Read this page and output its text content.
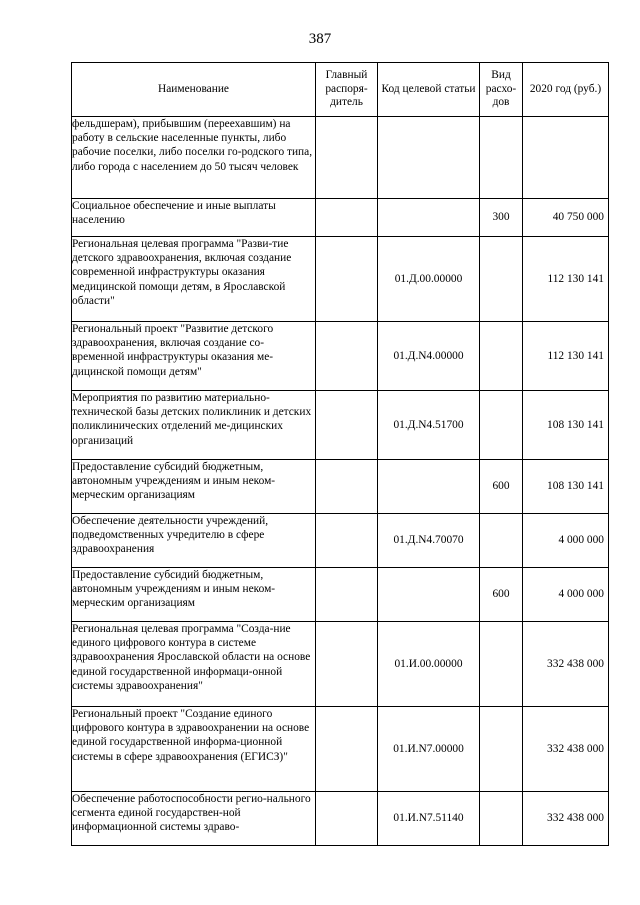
387
Наименование	Главный распоря-дитель	Код целевой статьи	Вид расхо-дов	2020 год (руб.)
фельдшерам), прибывшим (переехавшим) на работу в сельские населенные пункты, либо рабочие поселки, либо поселки го-родского типа, либо города с населением до 50 тысяч человек				
Социальное обеспечение и иные выплаты населению			300	40 750 000
Региональная целевая программа "Разви-тие детского здравоохранения, включая создание современной инфраструктуры оказания медицинской помощи детям, в Ярославской области"		01.Д.00.00000		112 130 141
Региональный проект "Развитие детского здравоохранения, включая создание со-временной инфраструктуры оказания ме-дицинской помощи детям"		01.Д.N4.00000		112 130 141
Мероприятия по развитию материально-технической базы детских поликлиник и детских поликлинических отделений ме-дицинских организаций		01.Д.N4.51700		108 130 141
Предоставление субсидий бюджетным, автономным учреждениям и иным неком-мерческим организациям			600	108 130 141
Обеспечение деятельности учреждений, подведомственных учредителю в сфере здравоохранения		01.Д.N4.70070		4 000 000
Предоставление субсидий бюджетным, автономным учреждениям и иным неком-мерческим организациям			600	4 000 000
Региональная целевая программа "Созда-ние единого цифрового контура в системе здравоохранения Ярославской области на основе единой государственной информаци-онной системы здравоохранения"		01.И.00.00000		332 438 000
Региональный проект "Создание единого цифрового контура в здравоохранении на основе единой государственной информа-ционной системы в сфере здравоохранения (ЕГИСЗ)"		01.И.N7.00000		332 438 000
Обеспечение работоспособности регио-нального сегмента единой государствен-ной информационной системы здраво-		01.И.N7.51140		332 438 000
